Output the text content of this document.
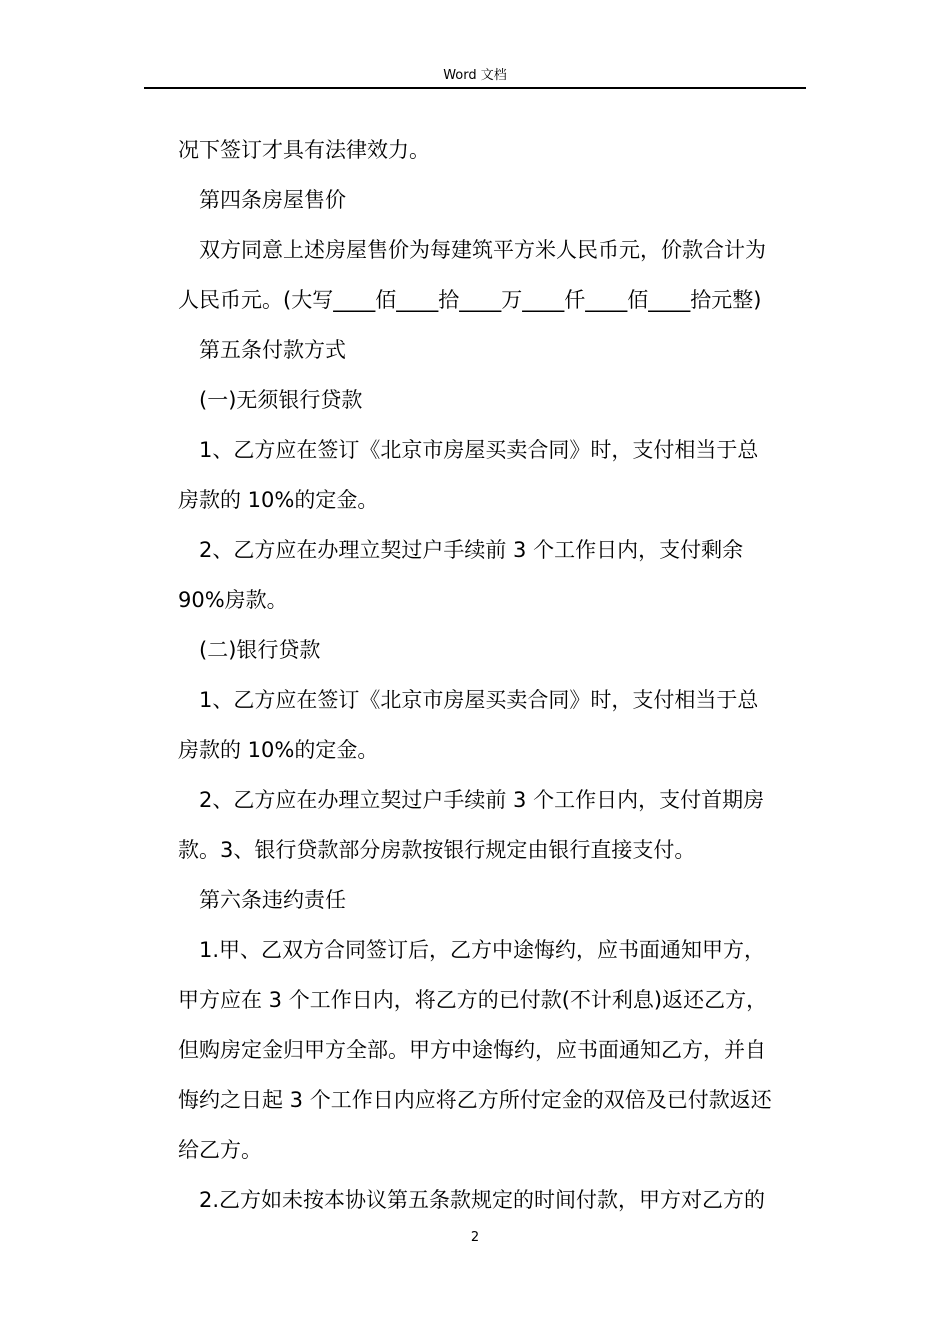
Word 文档

况下签订才具有法律效力。

第四条房屋售价

双方同意上述房屋售价为每建筑平方米人民币元，价款合计为

人民币元。(大写____佰____拾____万____仟____佰____拾元整)

第五条付款方式

(一)无须银行贷款

1、乙方应在签订《北京市房屋买卖合同》时，支付相当于总

房款的 10%的定金。

2、乙方应在办理立契过户手续前 3 个工作日内，支付剩余

90%房款。

(二)银行贷款

1、乙方应在签订《北京市房屋买卖合同》时，支付相当于总

房款的 10%的定金。

2、乙方应在办理立契过户手续前 3 个工作日内，支付首期房

款。3、银行贷款部分房款按银行规定由银行直接支付。

第六条违约责任

1.甲、乙双方合同签订后，乙方中途悔约，应书面通知甲方，

甲方应在 3 个工作日内，将乙方的已付款(不计利息)返还乙方，

但购房定金归甲方全部。甲方中途悔约，应书面通知乙方，并自

悔约之日起 3 个工作日内应将乙方所付定金的双倍及已付款返还

给乙方。

2.乙方如未按本协议第五条款规定的时间付款，甲方对乙方的

2
